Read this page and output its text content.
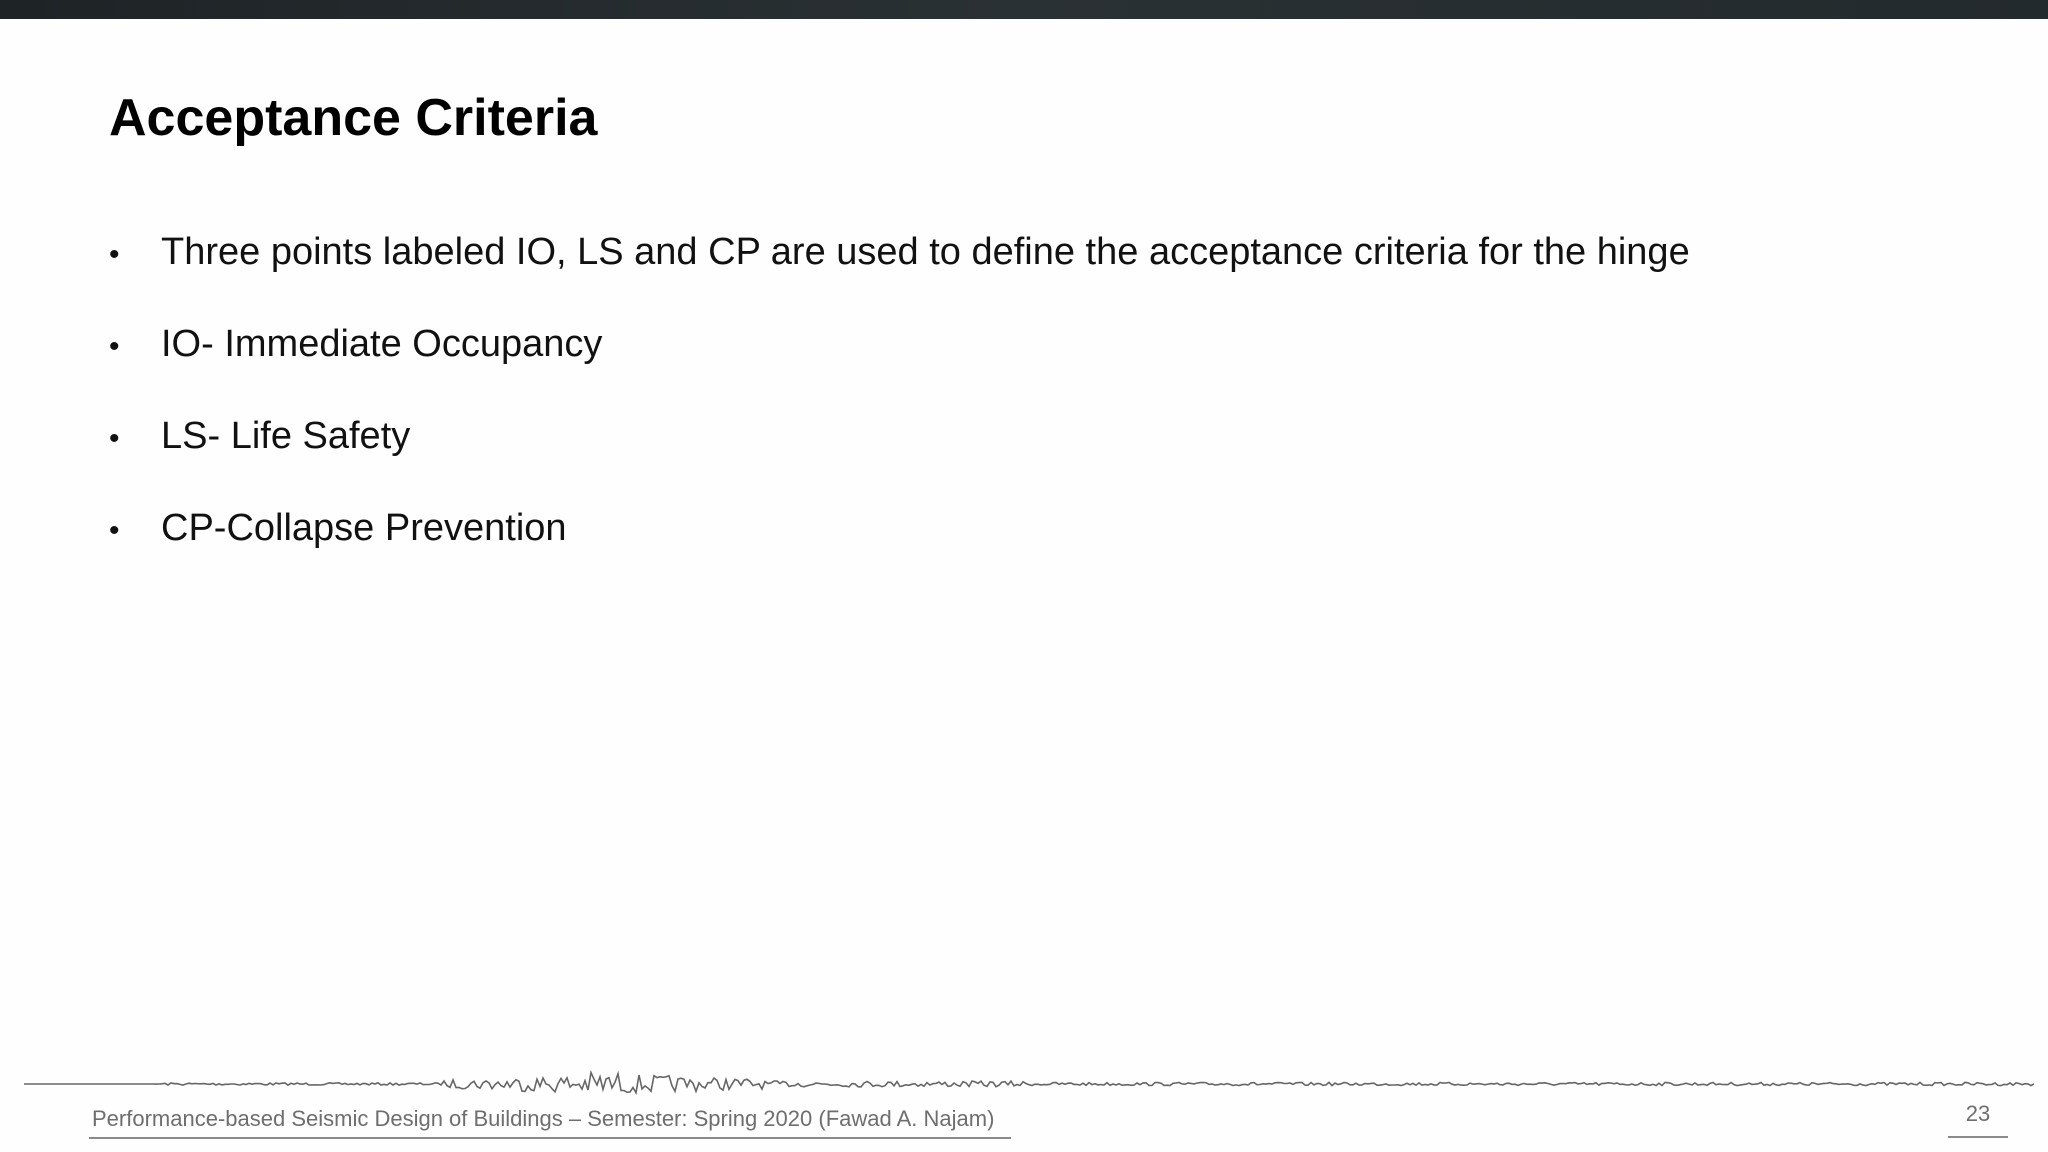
Acceptance Criteria
•	Three points labeled IO, LS and CP are used to define the acceptance criteria for the hinge
•	IO- Immediate Occupancy
•	LS- Life Safety
•	CP-Collapse Prevention
Performance-based Seismic Design of Buildings – Semester: Spring 2020 (Fawad A. Najam)	23
